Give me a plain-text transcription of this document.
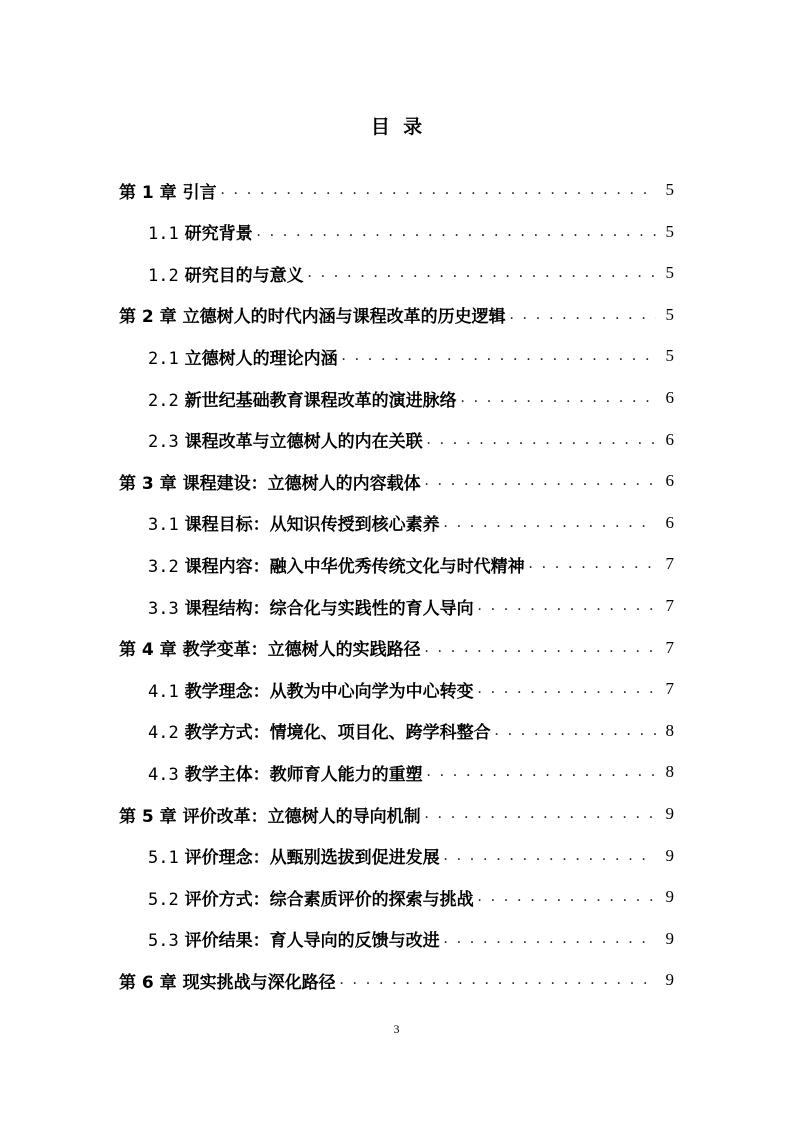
目  录
第 1 章 引言 . . .	5
1.1 研究背景 . . .	5
1.2 研究目的与意义 . . .	5
第 2 章 立德树人的时代内涵与课程改革的历史逻辑 . . .	5
2.1 立德树人的理论内涵 . . .	5
2.2 新世纪基础教育课程改革的演进脉络 . . .	6
2.3 课程改革与立德树人的内在关联 . . .	6
第 3 章 课程建设：立德树人的内容载体 . . .	6
3.1 课程目标：从知识传授到核心素养 . . .	6
3.2 课程内容：融入中华优秀传统文化与时代精神 . . .	7
3.3 课程结构：综合化与实践性的育人导向 . . .	7
第 4 章 教学变革：立德树人的实践路径 . . .	7
4.1 教学理念：从教为中心向学为中心转变 . . .	7
4.2 教学方式：情境化、项目化、跨学科整合 . . .	8
4.3 教学主体：教师育人能力的重塑 . . .	8
第 5 章 评价改革：立德树人的导向机制 . . .	9
5.1 评价理念：从甄别选拔到促进发展 . . .	9
5.2 评价方式：综合素质评价的探索与挑战 . . .	9
5.3 评价结果：育人导向的反馈与改进 . . .	9
第 6 章 现实挑战与深化路径 . . .	9
3
